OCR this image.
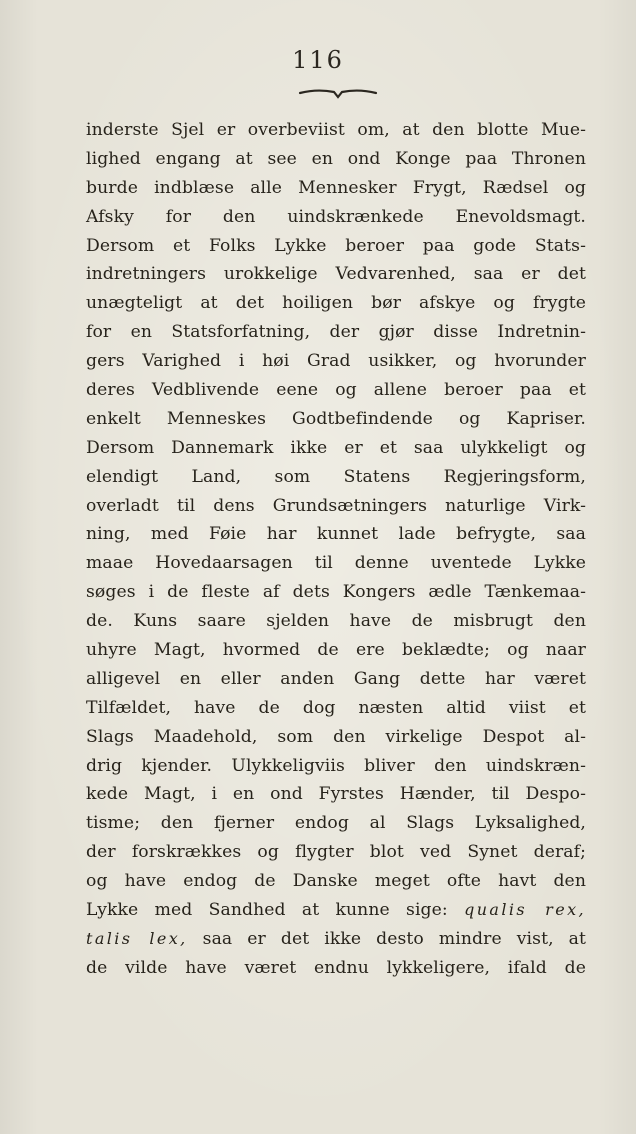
116
inderste Sjel er overbeviist om, at den blotte Mue-
lighed engang at see en ond Konge paa Thronen
burde indblæse alle Mennesker Frygt, Rædsel og
Afsky for den uindskrænkede Enevoldsmagt.
Dersom et Folks Lykke beroer paa gode Stats-
indretningers urokkelige Vedvarenhed, saa er det
unægteligt at det hoiligen bør afskye og frygte
for en Statsforfatning, der gjør disse Indretnin-
gers Varighed i høi Grad usikker, og hvorunder
deres Vedblivende eene og allene beroer paa et
enkelt Menneskes Godtbefindende og Kapriser.
Dersom Dannemark ikke er et saa ulykkeligt og
elendigt Land, som Statens Regjeringsform,
overladt til dens Grundsætningers naturlige Virk-
ning, med Føie har kunnet lade befrygte, saa
maae Hovedaarsagen til denne uventede Lykke
søges i de fleste af dets Kongers ædle Tænkemaa-
de. Kuns saare sjelden have de misbrugt den
uhyre Magt, hvormed de ere beklædte; og naar
alligevel en eller anden Gang dette har været
Tilfældet, have de dog næsten altid viist et
Slags Maadehold, som den virkelige Despot al-
drig kjender. Ulykkeligviis bliver den uindskræn-
kede Magt, i en ond Fyrstes Hænder, til Despo-
tisme; den fjerner endog al Slags Lyksalighed,
der forskrækkes og flygter blot ved Synet deraf;
og have endog de Danske meget ofte havt den
Lykke med Sandhed at kunne sige: qualis rex,
talis lex, saa er det ikke desto mindre vist, at
de vilde have været endnu lykkeligere, ifald de
